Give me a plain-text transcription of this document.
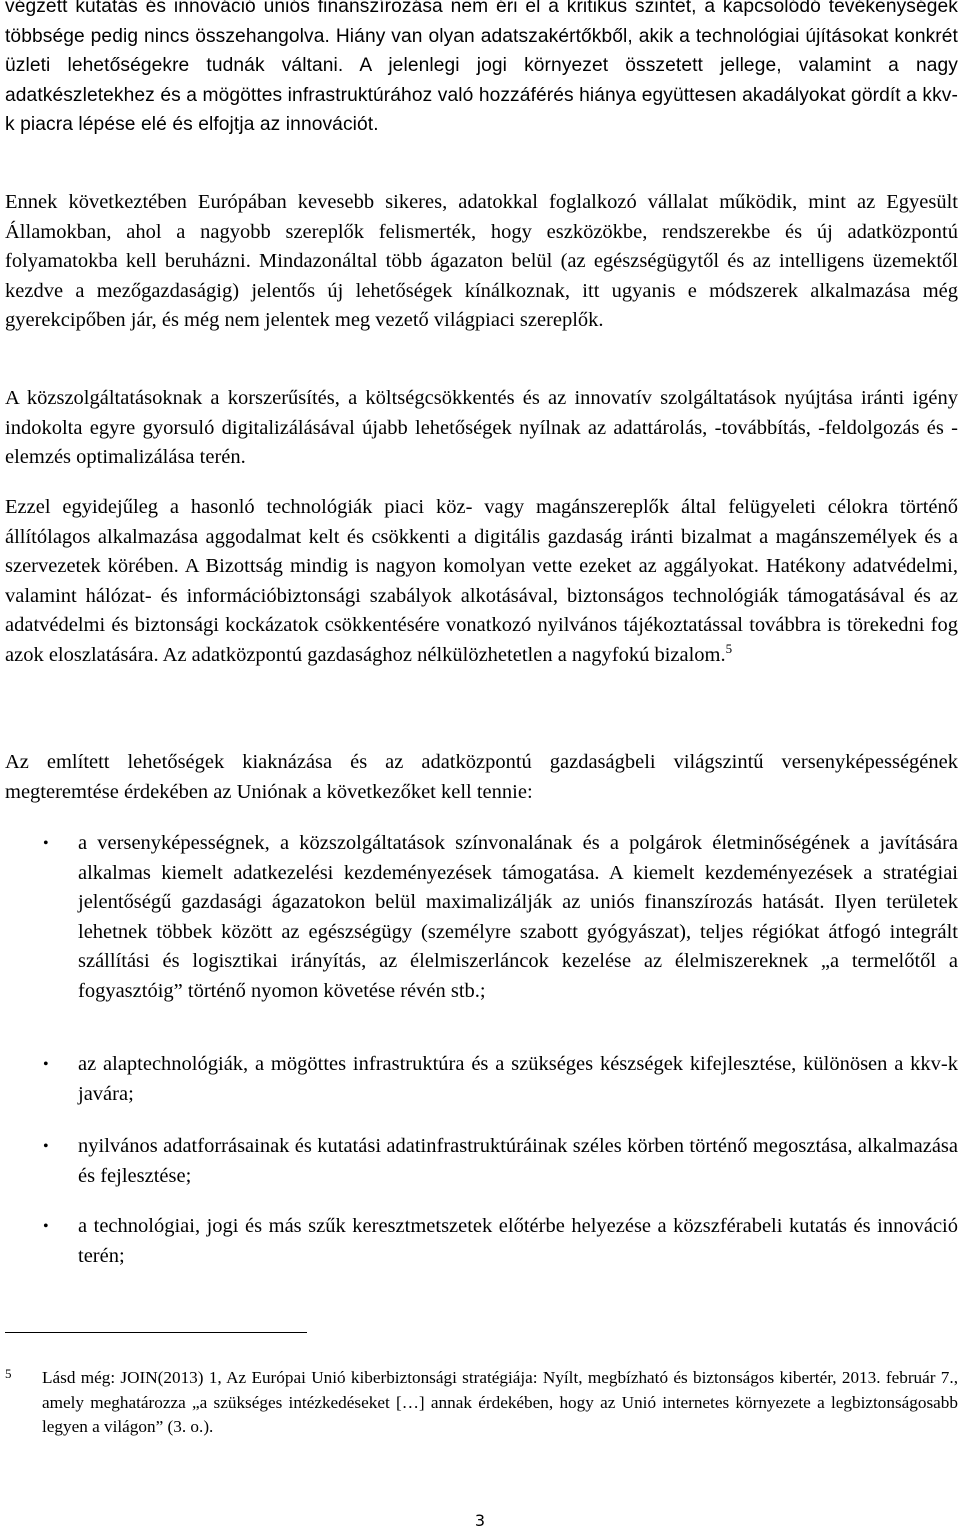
végzett kutatás és innováció uniós finanszírozása nem éri el a kritikus szintet, a kapcsolódó tevékenységek többsége pedig nincs összehangolva. Hiány van olyan adatszakértőkből, akik a technológiai újításokat konkrét üzleti lehetőségekre tudnák váltani. A jelenlegi jogi környezet összetett jellege, valamint a nagy adatkészletekhez és a mögöttes infrastruktúrához való hozzáférés hiánya együttesen akadályokat gördít a kkv-k piacra lépése elé és elfojtja az innovációt.

Ennek következtében Európában kevesebb sikeres, adatokkal foglalkozó vállalat működik, mint az Egyesült Államokban, ahol a nagyobb szereplők felismerték, hogy eszközökbe, rendszerekbe és új adatközpontú folyamatokba kell beruházni. Mindazonáltal több ágazaton belül (az egészségügytől és az intelligens üzemektől kezdve a mezőgazdaságig) jelentős új lehetőségek kínálkoznak, itt ugyanis e módszerek alkalmazása még gyerekcipőben jár, és még nem jelentek meg vezető világpiaci szereplők.

A közszolgáltatásoknak a korszerűsítés, a költségcsökkentés és az innovatív szolgáltatások nyújtása iránti igény indokolta egyre gyorsuló digitalizálásával újabb lehetőségek nyílnak az adattárolás, -továbbítás, -feldolgozás és -elemzés optimalizálása terén.

Ezzel egyidejűleg a hasonló technológiák piaci köz- vagy magánszereplők által felügyeleti célokra történő állítólagos alkalmazása aggodalmat kelt és csökkenti a digitális gazdaság iránti bizalmat a magánszemélyek és a szervezetek körében. A Bizottság mindig is nagyon komolyan vette ezeket az aggályokat. Hatékony adatvédelmi, valamint hálózat- és információbiztonsági szabályok alkotásával, biztonságos technológiák támogatásával és az adatvédelmi és biztonsági kockázatok csökkentésére vonatkozó nyilvános tájékoztatással továbbra is törekedni fog azok eloszlatására. Az adatközpontú gazdasághoz nélkülözhetetlen a nagyfokú bizalom.$^5$

Az említett lehetőségek kiaknázása és az adatközpontú gazdaságbeli világszintű versenyképességének megteremtése érdekében az Uniónak a következőket kell tennie:

• a versenyképességnek, a közszolgáltatások színvonalának és a polgárok életminőségének a javítására alkalmas kiemelt adatkezelési kezdeményezések támogatása. A kiemelt kezdeményezések a stratégiai jelentőségű gazdasági ágazatokon belül maximalizálják az uniós finanszírozás hatását. Ilyen területek lehetnek többek között az egészségügy (személyre szabott gyógyászat), teljes régiókat átfogó integrált szállítási és logisztikai irányítás, az élelmiszerláncok kezelése az élelmiszereknek „a termelőtől a fogyasztóig” történő nyomon követése révén stb.;
• az alaptechnológiák, a mögöttes infrastruktúra és a szükséges készségek kifejlesztése, különösen a kkv-k javára;
• nyilvános adatforrásainak és kutatási adatinfrastruktúráinak széles körben történő megosztása, alkalmazása és fejlesztése;
• a technológiai, jogi és más szűk keresztmetszetek előtérbe helyezése a közszférabeli kutatás és innováció terén;
5 Lásd még: JOIN(2013) 1, Az Európai Unió kiberbiztonsági stratégiája: Nyílt, megbízható és biztonságos kibertér, 2013. február 7., amely meghatározza „a szükséges intézkedéseket […] annak érdekében, hogy az Unió internetes környezete a legbiztonságosabb legyen a világon” (3. o.).
3
